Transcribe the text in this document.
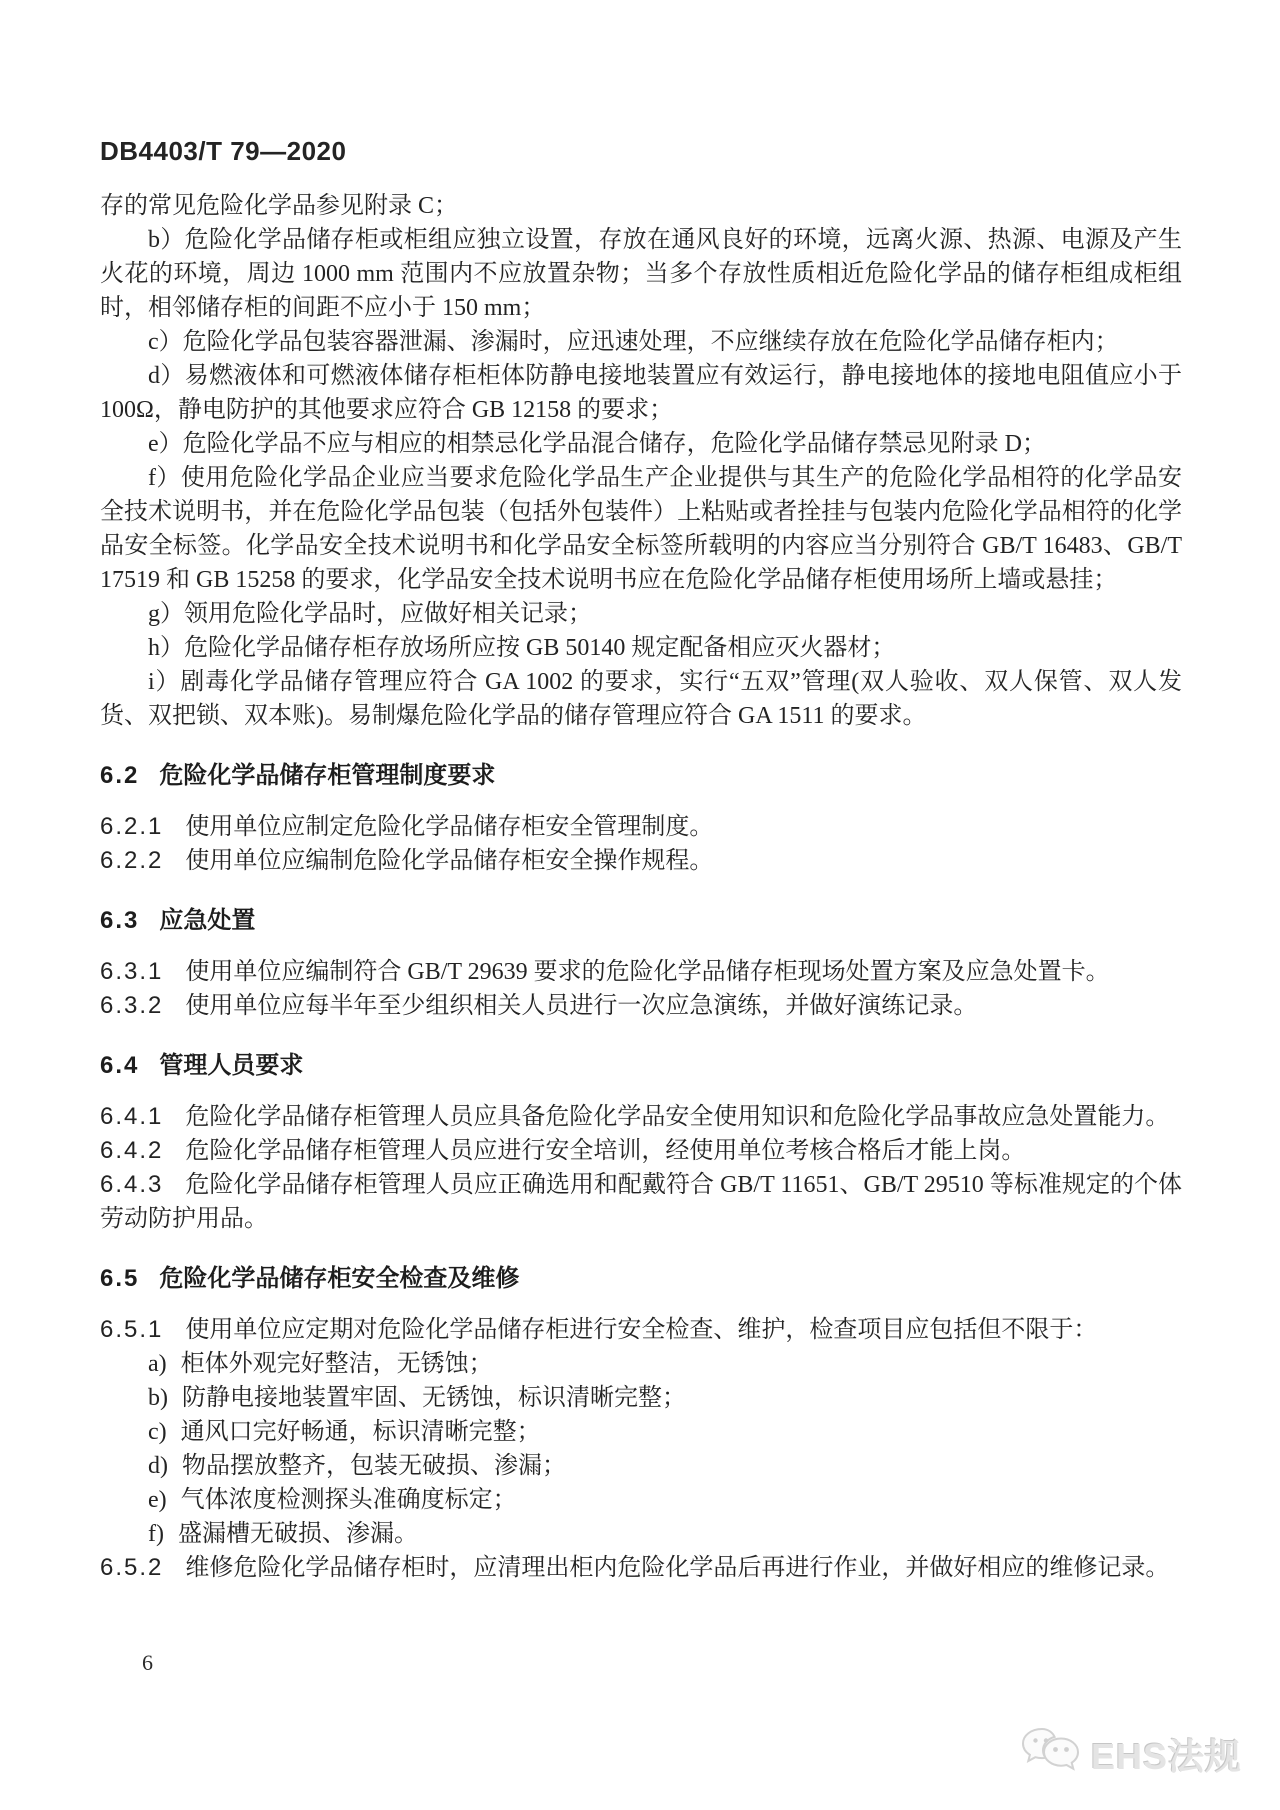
DB4403/T 79—2020

存的常见危险化学品参见附录 C；

b）危险化学品储存柜或柜组应独立设置，存放在通风良好的环境，远离火源、热源、电源及产生火花的环境，周边 1000 mm 范围内不应放置杂物；当多个存放性质相近危险化学品的储存柜组成柜组时，相邻储存柜的间距不应小于 150 mm；

c）危险化学品包装容器泄漏、渗漏时，应迅速处理，不应继续存放在危险化学品储存柜内；

d）易燃液体和可燃液体储存柜柜体防静电接地装置应有效运行，静电接地体的接地电阻值应小于 100Ω，静电防护的其他要求应符合 GB 12158 的要求；

e）危险化学品不应与相应的相禁忌化学品混合储存，危险化学品储存禁忌见附录 D；

f）使用危险化学品企业应当要求危险化学品生产企业提供与其生产的危险化学品相符的化学品安全技术说明书，并在危险化学品包装（包括外包装件）上粘贴或者拴挂与包装内危险化学品相符的化学品安全标签。化学品安全技术说明书和化学品安全标签所载明的内容应当分别符合 GB/T 16483、GB/T 17519 和 GB 15258 的要求，化学品安全技术说明书应在危险化学品储存柜使用场所上墙或悬挂；

g）领用危险化学品时，应做好相关记录；

h）危险化学品储存柜存放场所应按 GB 50140 规定配备相应灭火器材；

i）剧毒化学品储存管理应符合 GA 1002 的要求，实行“五双”管理(双人验收、双人保管、双人发货、双把锁、双本账)。易制爆危险化学品的储存管理应符合 GA 1511 的要求。

6.2 危险化学品储存柜管理制度要求

6.2.1 使用单位应制定危险化学品储存柜安全管理制度。

6.2.2 使用单位应编制危险化学品储存柜安全操作规程。

6.3 应急处置

6.3.1 使用单位应编制符合 GB/T 29639 要求的危险化学品储存柜现场处置方案及应急处置卡。

6.3.2 使用单位应每半年至少组织相关人员进行一次应急演练，并做好演练记录。

6.4 管理人员要求

6.4.1 危险化学品储存柜管理人员应具备危险化学品安全使用知识和危险化学品事故应急处置能力。

6.4.2 危险化学品储存柜管理人员应进行安全培训，经使用单位考核合格后才能上岗。

6.4.3 危险化学品储存柜管理人员应正确选用和配戴符合 GB/T 11651、GB/T 29510 等标准规定的个体劳动防护用品。

6.5 危险化学品储存柜安全检查及维修

6.5.1 使用单位应定期对危险化学品储存柜进行安全检查、维护，检查项目应包括但不限于：

a) 柜体外观完好整洁，无锈蚀；

b) 防静电接地装置牢固、无锈蚀，标识清晰完整；

c) 通风口完好畅通，标识清晰完整；

d) 物品摆放整齐，包装无破损、渗漏；

e) 气体浓度检测探头准确度标定；

f) 盛漏槽无破损、渗漏。

6.5.2 维修危险化学品储存柜时，应清理出柜内危险化学品后再进行作业，并做好相应的维修记录。

6
EHS法规
